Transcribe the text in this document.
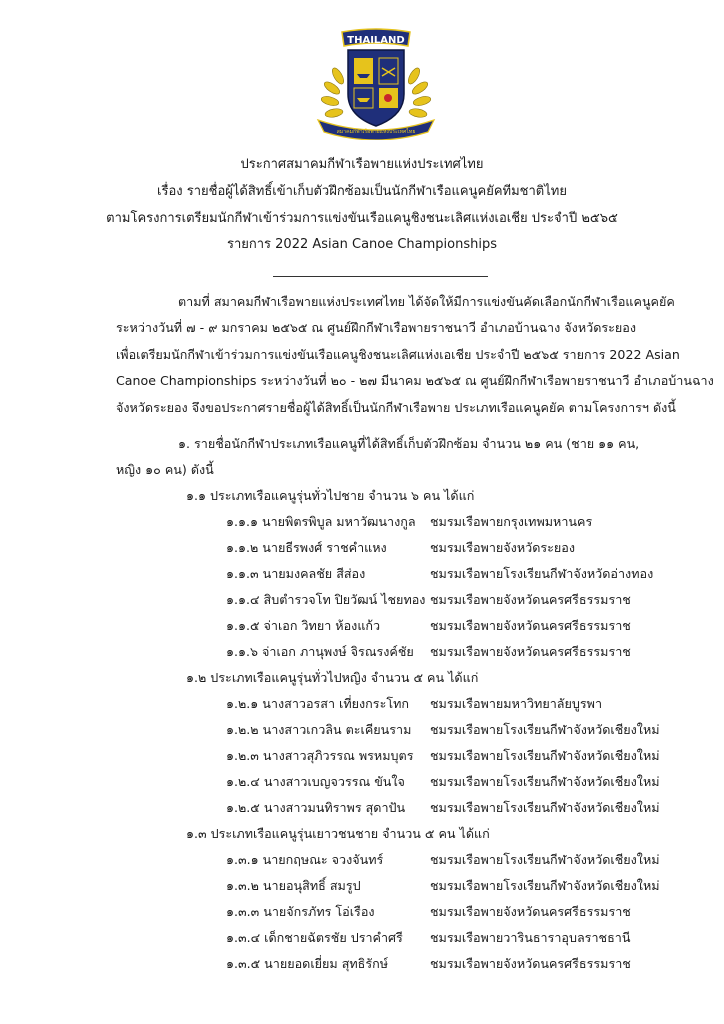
THAILAND
สมาคมกีฬาเรือพายแห่งประเทศไทย

ประกาศสมาคมกีฬาเรือพายแห่งประเทศไทย

เรื่อง รายชื่อผู้ได้สิทธิ์เข้าเก็บตัวฝึกซ้อมเป็นนักกีฬาเรือแคนูคยัคทีมชาติไทย

ตามโครงการเตรียมนักกีฬาเข้าร่วมการแข่งขันเรือแคนูชิงชนะเลิศแห่งเอเชีย ประจำปี ๒๕๖๕

รายการ 2022 Asian Canoe Championships

ตามที่ สมาคมกีฬาเรือพายแห่งประเทศไทย ได้จัดให้มีการแข่งขันคัดเลือกนักกีฬาเรือแคนูคยัค

ระหว่างวันที่ ๗ - ๙ มกราคม ๒๕๖๕ ณ ศูนย์ฝึกกีฬาเรือพายราชนาวี อำเภอบ้านฉาง จังหวัดระยอง

เพื่อเตรียมนักกีฬาเข้าร่วมการแข่งขันเรือแคนูชิงชนะเลิศแห่งเอเชีย ประจำปี ๒๕๖๕ รายการ 2022 Asian

Canoe Championships ระหว่างวันที่ ๒๐ - ๒๗ มีนาคม ๒๕๖๕ ณ ศูนย์ฝึกกีฬาเรือพายราชนาวี อำเภอบ้านฉาง

จังหวัดระยอง จึงขอประกาศรายชื่อผู้ได้สิทธิ์เป็นนักกีฬาเรือพาย ประเภทเรือแคนูคยัค ตามโครงการฯ ดังนี้

๑. รายชื่อนักกีฬาประเภทเรือแคนูที่ได้สิทธิ์เก็บตัวฝึกซ้อม จำนวน ๒๑ คน (ชาย ๑๑ คน,

หญิง ๑๐ คน) ดังนี้

๑.๑ ประเภทเรือแคนูรุ่นทั่วไปชาย จำนวน ๖ คน ได้แก่
๑.๑.๑ นายพิตรพิบูล มหาวัฒนางกูล ชมรมเรือพายกรุงเทพมหานคร
๑.๑.๒ นายธีรพงศ์ ราชคำแหง	ชมรมเรือพายจังหวัดระยอง
๑.๑.๓ นายมงคลชัย สีส่อง	ชมรมเรือพายโรงเรียนกีฬาจังหวัดอ่างทอง
๑.๑.๔ สิบตำรวจโท ปิยวัฒน์ ไชยทอง ชมรมเรือพายจังหวัดนครศรีธรรมราช
๑.๑.๕ จ่าเอก วิทยา ห้องแก้ว	ชมรมเรือพายจังหวัดนครศรีธรรมราช
๑.๑.๖ จ่าเอก ภานุพงษ์ จิรณรงค์ชัย ชมรมเรือพายจังหวัดนครศรีธรรมราช
๑.๒ ประเภทเรือแคนูรุ่นทั่วไปหญิง จำนวน ๕ คน ได้แก่
๑.๒.๑ นางสาวอรสา เที่ยงกระโทก ชมรมเรือพายมหาวิทยาลัยบูรพา
๑.๒.๒ นางสาวเกวลิน ตะเคียนราม ชมรมเรือพายโรงเรียนกีฬาจังหวัดเชียงใหม่
๑.๒.๓ นางสาวสุภิวรรณ พรหมบุตร ชมรมเรือพายโรงเรียนกีฬาจังหวัดเชียงใหม่
๑.๒.๔ นางสาวเบญจวรรณ ขันใจ ชมรมเรือพายโรงเรียนกีฬาจังหวัดเชียงใหม่
๑.๒.๕ นางสาวมนทิราพร สุดาปัน ชมรมเรือพายโรงเรียนกีฬาจังหวัดเชียงใหม่
๑.๓ ประเภทเรือแคนูรุ่นเยาวชนชาย จำนวน ๕ คน ได้แก่
๑.๓.๑ นายกฤษณะ จวงจันทร์	ชมรมเรือพายโรงเรียนกีฬาจังหวัดเชียงใหม่
๑.๓.๒ นายอนุสิทธิ์ สมรูป	ชมรมเรือพายโรงเรียนกีฬาจังหวัดเชียงใหม่
๑.๓.๓ นายจักรภัทร โอ่เรือง	ชมรมเรือพายจังหวัดนครศรีธรรมราช
๑.๓.๔ เด็กชายฉัตรชัย ปราคำศรี ชมรมเรือพายวารินธาราอุบลราชธานี
๑.๓.๕ นายยอดเยี่ยม สุทธิรักษ์	ชมรมเรือพายจังหวัดนครศรีธรรมราช
